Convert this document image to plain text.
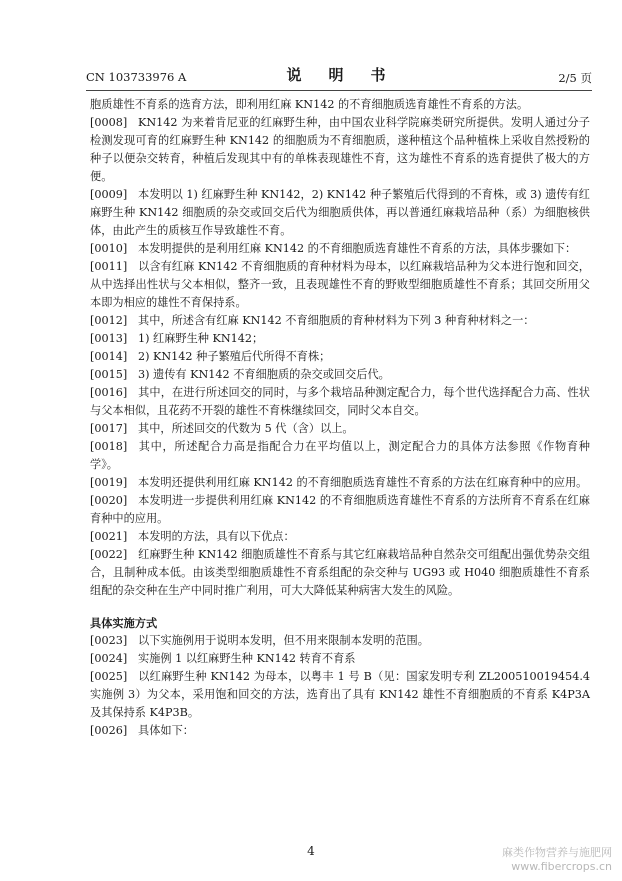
CN 103733976 A	说　明　书	2/5 页

胞质雄性不育系的选育方法，即利用红麻 KN142 的不育细胞质选育雄性不育系的方法。

[0008] KN142 为来着肯尼亚的红麻野生种，由中国农业科学院麻类研究所提供。发明人通过分子检测发现可育的红麻野生种 KN142 的细胞质为不育细胞质，遂种植这个品种植株上采收自然授粉的种子以便杂交转育，种植后发现其中有的单株表现雄性不育，这为雄性不育系的选育提供了极大的方便。

[0009] 本发明以 1) 红麻野生种 KN142，2) KN142 种子繁殖后代得到的不育株，或 3) 遗传有红麻野生种 KN142 细胞质的杂交或回交后代为细胞质供体，再以普通红麻栽培品种（系）为细胞核供体，由此产生的质核互作导致雄性不育。

[0010] 本发明提供的是利用红麻 KN142 的不育细胞质选育雄性不育系的方法，具体步骤如下：

[0011] 以含有红麻 KN142 不育细胞质的育种材料为母本，以红麻栽培品种为父本进行饱和回交，从中选择出性状与父本相似，整齐一致，且表现雄性不育的野败型细胞质雄性不育系；其回交所用父本即为相应的雄性不育保持系。

[0012] 其中，所述含有红麻 KN142 不育细胞质的育种材料为下列 3 种育种材料之一：

[0013] 1) 红麻野生种 KN142；

[0014] 2) KN142 种子繁殖后代所得不育株；

[0015] 3) 遗传有 KN142 不育细胞质的杂交或回交后代。

[0016] 其中，在进行所述回交的同时，与多个栽培品种测定配合力，每个世代选择配合力高、性状与父本相似，且花药不开裂的雄性不育株继续回交，同时父本自交。

[0017] 其中，所述回交的代数为 5 代（含）以上。

[0018] 其中，所述配合力高是指配合力在平均值以上，测定配合力的具体方法参照《作物育种学》。

[0019] 本发明还提供利用红麻 KN142 的不育细胞质选育雄性不育系的方法在红麻育种中的应用。

[0020] 本发明进一步提供利用红麻 KN142 的不育细胞质选育雄性不育系的方法所育不育系在红麻育种中的应用。

[0021] 本发明的方法，具有以下优点：

[0022] 红麻野生种 KN142 细胞质雄性不育系与其它红麻栽培品种自然杂交可组配出强优势杂交组合，且制种成本低。由该类型细胞质雄性不育系组配的杂交种与 UG93 或 H040 细胞质雄性不育系组配的杂交种在生产中同时推广利用，可大大降低某种病害大发生的风险。

具体实施方式

[0023] 以下实施例用于说明本发明，但不用来限制本发明的范围。

[0024] 实施例 1 以红麻野生种 KN142 转育不育系

[0025] 以红麻野生种 KN142 为母本，以粤丰 1 号 B（见：国家发明专利 ZL200510019454.4 实施例 3）为父本，采用饱和回交的方法，选育出了具有 KN142 雄性不育细胞质的不育系 K4P3A 及其保持系 K4P3B。

[0026] 具体如下：

4	麻类作物营养与施肥网
www.fibercrops.cn
